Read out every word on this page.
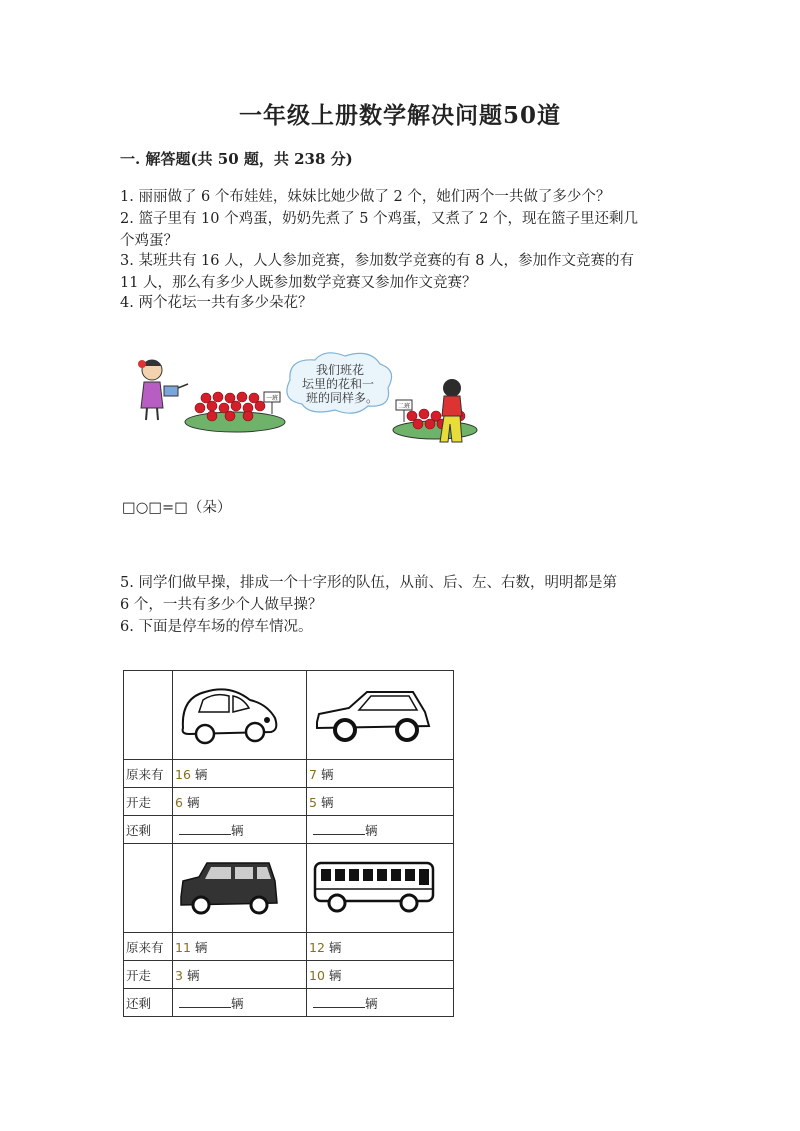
一年级上册数学解决问题50道
一. 解答题(共 50 题，共 238 分)
1. 丽丽做了 6 个布娃娃，妹妹比她少做了 2 个，她们两个一共做了多少个？
2. 篮子里有 10 个鸡蛋，奶奶先煮了 5 个鸡蛋，又煮了 2 个，现在篮子里还剩几
个鸡蛋？
3. 某班共有 16 人，人人参加竞赛，参加数学竞赛的有 8 人，参加作文竞赛的有
11 人，那么有多少人既参加数学竞赛又参加作文竞赛？
4. 两个花坛一共有多少朵花？
一班
我们班花
坛里的花和一
班的同样多。
二班
□○□=□（朵）
5. 同学们做早操，排成一个十字形的队伍，从前、后、左、右数，明明都是第
6 个，一共有多少个人做早操？
6. 下面是停车场的停车情况。

原来有	16 辆	7 辆
开走	6 辆	5 辆
还剩	辆	辆

原来有	11 辆	12 辆
开走	3 辆	10 辆
还剩	辆	辆
